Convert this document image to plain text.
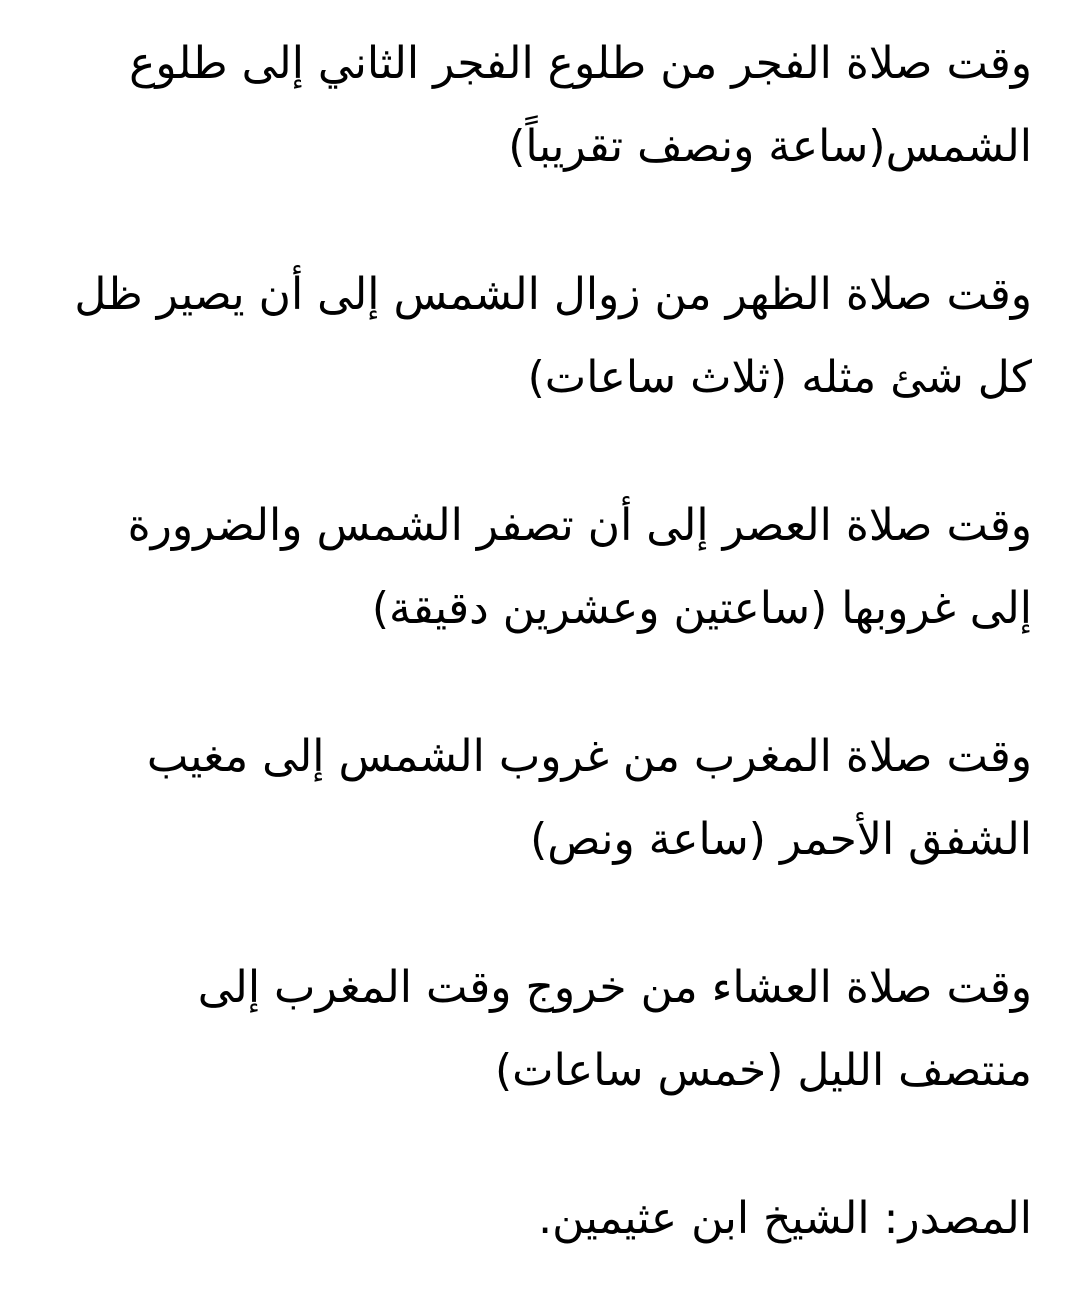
وقت صلاة الفجر من طلوع الفجر الثاني إلى طلوع
الشمس(ساعة ونصف تقريباً)

وقت صلاة الظهر من زوال الشمس إلى أن يصير ظل
كل شئ مثله (ثلاث ساعات)

وقت صلاة العصر إلى أن تصفر الشمس والضرورة
إلى غروبها (ساعتين وعشرين دقيقة)

وقت صلاة المغرب من غروب الشمس إلى مغيب
الشفق الأحمر (ساعة ونص)

وقت صلاة العشاء من خروج وقت المغرب إلى
منتصف الليل (خمس ساعات)

المصدر: الشيخ ابن عثيمين.
